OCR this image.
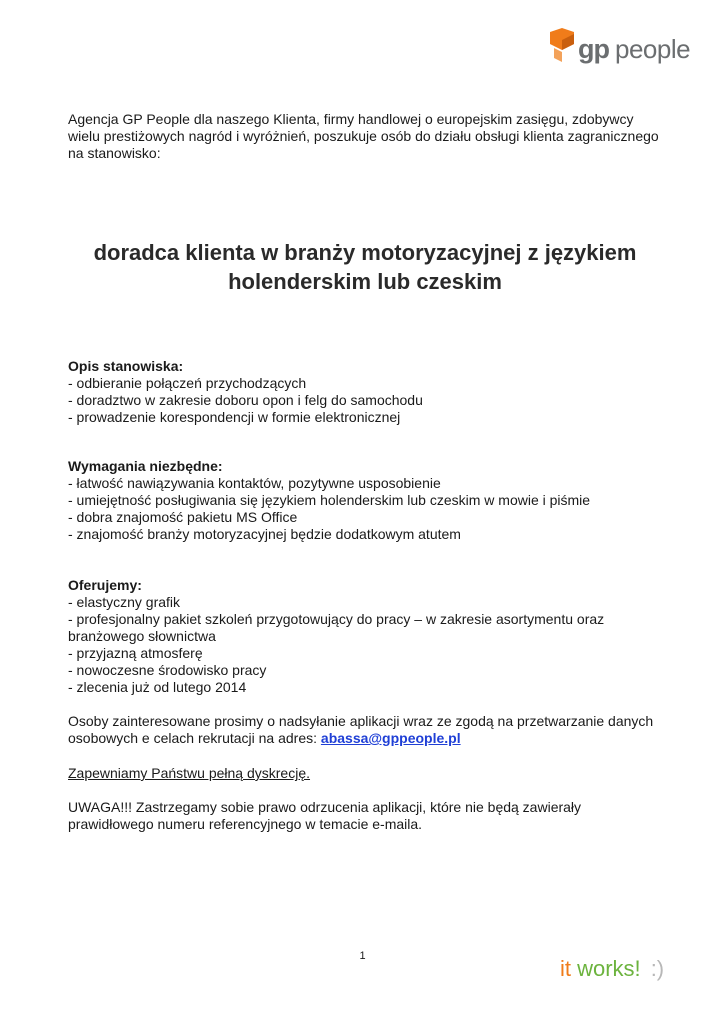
gp people
Agencja GP People dla naszego Klienta, firmy handlowej o europejskim zasięgu, zdobywcy wielu prestiżowych nagród i wyróżnień, poszukuje osób do działu obsługi klienta zagranicznego na stanowisko:
doradca klienta w branży motoryzacyjnej z językiem
holenderskim lub czeskim
Opis stanowiska:
- odbieranie połączeń przychodzących
- doradztwo w zakresie doboru opon i felg do samochodu
- prowadzenie korespondencji w formie elektronicznej
Wymagania niezbędne:
- łatwość nawiązywania kontaktów, pozytywne usposobienie
- umiejętność posługiwania się językiem holenderskim lub czeskim w mowie i piśmie
- dobra znajomość pakietu MS Office
- znajomość branży motoryzacyjnej będzie dodatkowym atutem
Oferujemy:
- elastyczny grafik
- profesjonalny pakiet szkoleń przygotowujący do pracy – w zakresie asortymentu oraz branżowego słownictwa
- przyjazną atmosferę
- nowoczesne środowisko pracy
- zlecenia już od lutego 2014
Osoby zainteresowane prosimy o nadsyłanie aplikacji wraz ze zgodą na przetwarzanie danych osobowych e celach rekrutacji na adres: abassa@gppeople.pl
Zapewniamy Państwu pełną dyskrecję.
UWAGA!!! Zastrzegamy sobie prawo odrzucenia aplikacji, które nie będą zawierały prawidłowego numeru referencyjnego w temacie e-maila.
1	it works! :)
